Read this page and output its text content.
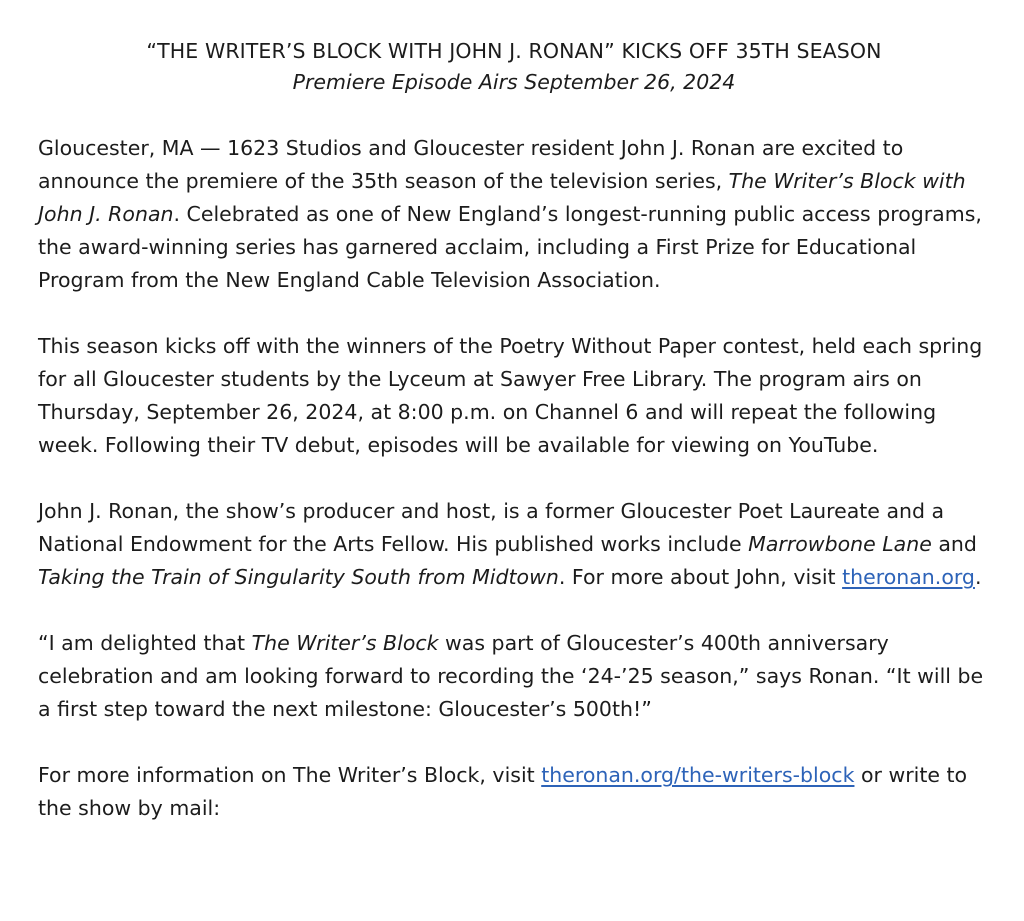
“THE WRITER’S BLOCK WITH JOHN J. RONAN” KICKS OFF 35TH SEASON
Premiere Episode Airs September 26, 2024

Gloucester, MA — 1623 Studios and Gloucester resident John J. Ronan are excited to announce the premiere of the 35th season of the television series, The Writer’s Block with John J. Ronan. Celebrated as one of New England’s longest-running public access programs, the award-winning series has garnered acclaim, including a First Prize for Educational Program from the New England Cable Television Association.

This season kicks off with the winners of the Poetry Without Paper contest, held each spring for all Gloucester students by the Lyceum at Sawyer Free Library. The program airs on Thursday, September 26, 2024, at 8:00 p.m. on Channel 6 and will repeat the following week. Following their TV debut, episodes will be available for viewing on YouTube.

John J. Ronan, the show’s producer and host, is a former Gloucester Poet Laureate and a National Endowment for the Arts Fellow. His published works include Marrowbone Lane and Taking the Train of Singularity South from Midtown. For more about John, visit theronan.org.

“I am delighted that The Writer’s Block was part of Gloucester’s 400th anniversary celebration and am looking forward to recording the ‘24-’25 season,” says Ronan. “It will be a first step toward the next milestone: Gloucester’s 500th!”

For more information on The Writer’s Block, visit theronan.org/the-writers-block or write to the show by mail:
